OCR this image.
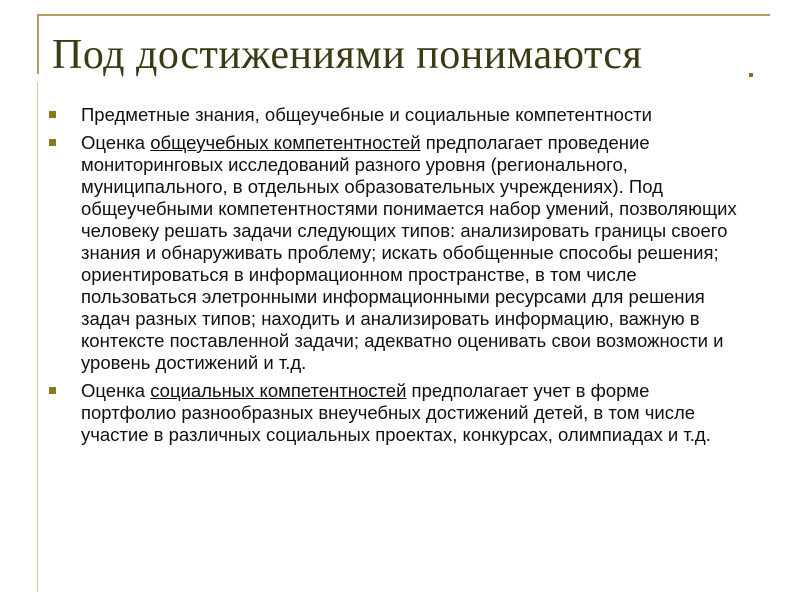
Под достижениями понимаются
Предметные знания, общеучебные и социальные компетентности
Оценка общеучебных компетентностей предполагает проведение мониторинговых исследований разного уровня (регионального, муниципального, в отдельных образовательных учреждениях). Под общеучебными компетентностями понимается набор умений, позволяющих человеку решать задачи следующих типов: анализировать границы своего знания и обнаруживать проблему; искать обобщенные способы решения; ориентироваться в информационном пространстве, в том числе пользоваться элетронными информационными ресурсами для решения задач разных типов; находить и анализировать информацию, важную в контексте поставленной задачи; адекватно оценивать свои возможности и уровень достижений и т.д.
Оценка социальных компетентностей предполагает учет в форме портфолио разнообразных внеучебных достижений детей, в том числе участие в различных социальных проектах, конкурсах, олимпиадах и т.д.
